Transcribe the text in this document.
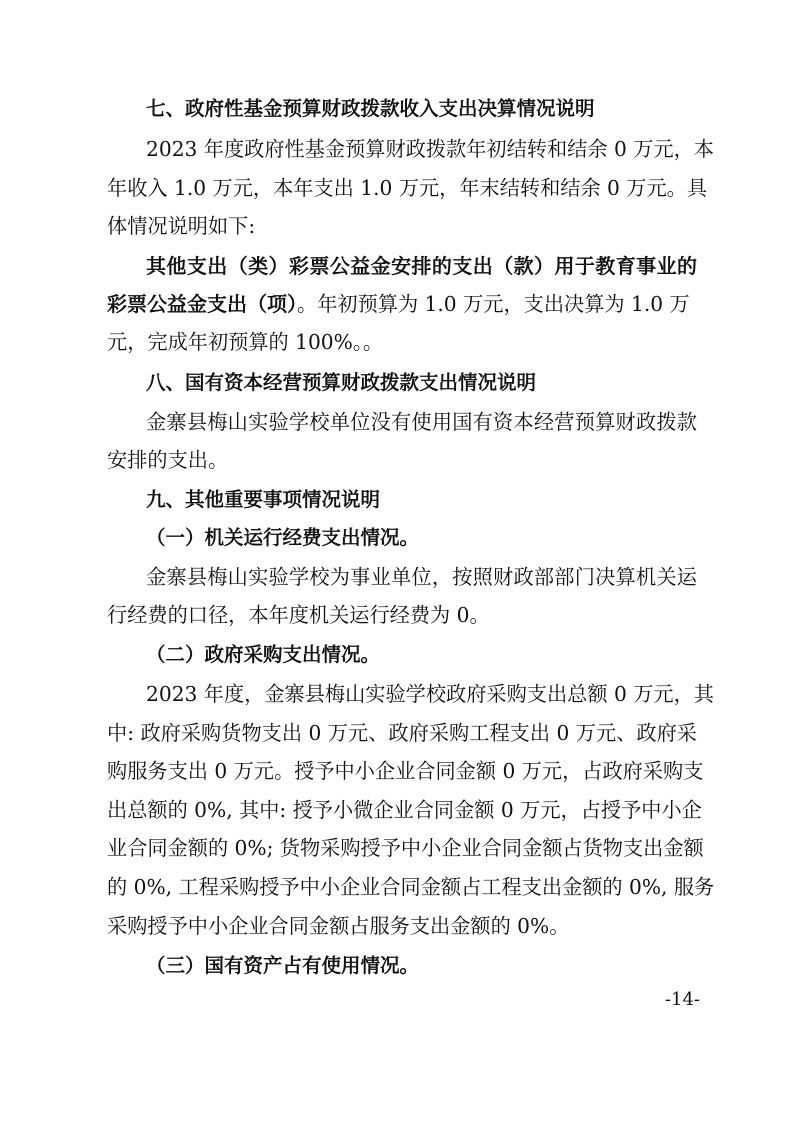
七、政府性基金预算财政拨款收入支出决算情况说明
2023 年度政府性基金预算财政拨款年初结转和结余 0 万元，本
年收入 1.0 万元，本年支出 1.0 万元，年末结转和结余 0 万元。具
体情况说明如下:
其他支出（类）彩票公益金安排的支出（款）用于教育事业的
彩票公益金支出（项）。年初预算为 1.0 万元，支出决算为 1.0 万
元，完成年初预算的 100%。。
八、国有资本经营预算财政拨款支出情况说明
金寨县梅山实验学校单位没有使用国有资本经营预算财政拨款
安排的支出。
九、其他重要事项情况说明
（一）机关运行经费支出情况。
金寨县梅山实验学校为事业单位，按照财政部部门决算机关运
行经费的口径，本年度机关运行经费为 0。
（二）政府采购支出情况。
2023 年度，金寨县梅山实验学校政府采购支出总额 0 万元，其
中: 政府采购货物支出 0 万元、政府采购工程支出 0 万元、政府采
购服务支出 0 万元。授予中小企业合同金额 0 万元，占政府采购支
出总额的 0%, 其中: 授予小微企业合同金额 0 万元，占授予中小企
业合同金额的 0%; 货物采购授予中小企业合同金额占货物支出金额
的 0%, 工程采购授予中小企业合同金额占工程支出金额的 0%, 服务
采购授予中小企业合同金额占服务支出金额的 0%。
（三）国有资产占有使用情况。
-14-
